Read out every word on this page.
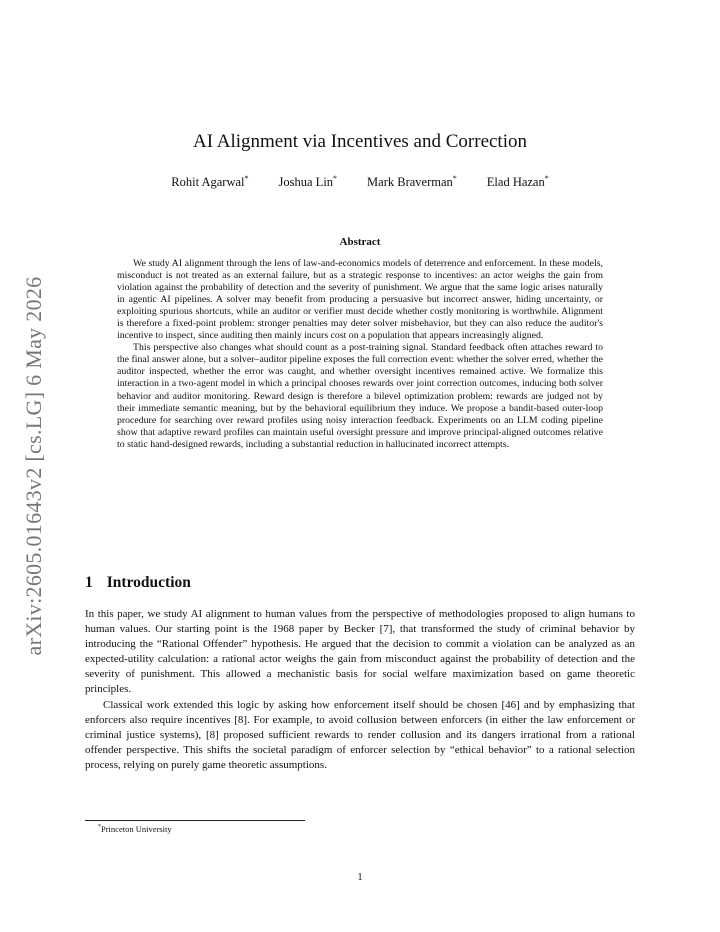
arXiv:2605.01643v2 [cs.LG] 6 May 2026
AI Alignment via Incentives and Correction
Rohit Agarwal* Joshua Lin* Mark Braverman* Elad Hazan*
Abstract

We study AI alignment through the lens of law-and-economics models of deterrence and enforcement. In these models, misconduct is not treated as an external failure, but as a strategic response to incentives: an actor weighs the gain from violation against the probability of detection and the severity of punishment. We argue that the same logic arises naturally in agentic AI pipelines. A solver may benefit from producing a persuasive but incorrect answer, hiding uncertainty, or exploiting spurious shortcuts, while an auditor or verifier must decide whether costly monitoring is worthwhile. Alignment is therefore a fixed-point problem: stronger penalties may deter solver misbehavior, but they can also reduce the auditor's incentive to inspect, since auditing then mainly incurs cost on a population that appears increasingly aligned.

This perspective also changes what should count as a post-training signal. Standard feedback often attaches reward to the final answer alone, but a solver–auditor pipeline exposes the full correction event: whether the solver erred, whether the auditor inspected, whether the error was caught, and whether oversight incentives remained active. We formalize this interaction in a two-agent model in which a principal chooses rewards over joint correction outcomes, inducing both solver behavior and auditor monitoring. Reward design is therefore a bilevel optimization problem: rewards are judged not by their immediate semantic meaning, but by the behavioral equilibrium they induce. We propose a bandit-based outer-loop procedure for searching over reward profiles using noisy interaction feedback. Experiments on an LLM coding pipeline show that adaptive reward profiles can maintain useful oversight pressure and improve principal-aligned outcomes relative to static hand-designed rewards, including a substantial reduction in hallucinated incorrect attempts.

1 Introduction

In this paper, we study AI alignment to human values from the perspective of methodologies proposed to align humans to human values. Our starting point is the 1968 paper by Becker [7], that transformed the study of criminal behavior by introducing the “Rational Offender” hypothesis. He argued that the decision to commit a violation can be analyzed as an expected-utility calculation: a rational actor weighs the gain from misconduct against the probability of detection and the severity of punishment. This allowed a mechanistic basis for social welfare maximization based on game theoretic principles.

Classical work extended this logic by asking how enforcement itself should be chosen [46] and by emphasizing that enforcers also require incentives [8]. For example, to avoid collusion between enforcers (in either the law enforcement or criminal justice systems), [8] proposed sufficient rewards to render collusion and its dangers irrational from a rational offender perspective. This shifts the societal paradigm of enforcer selection by “ethical behavior” to a rational selection process, relying on purely game theoretic assumptions.

*Princeton University
1
